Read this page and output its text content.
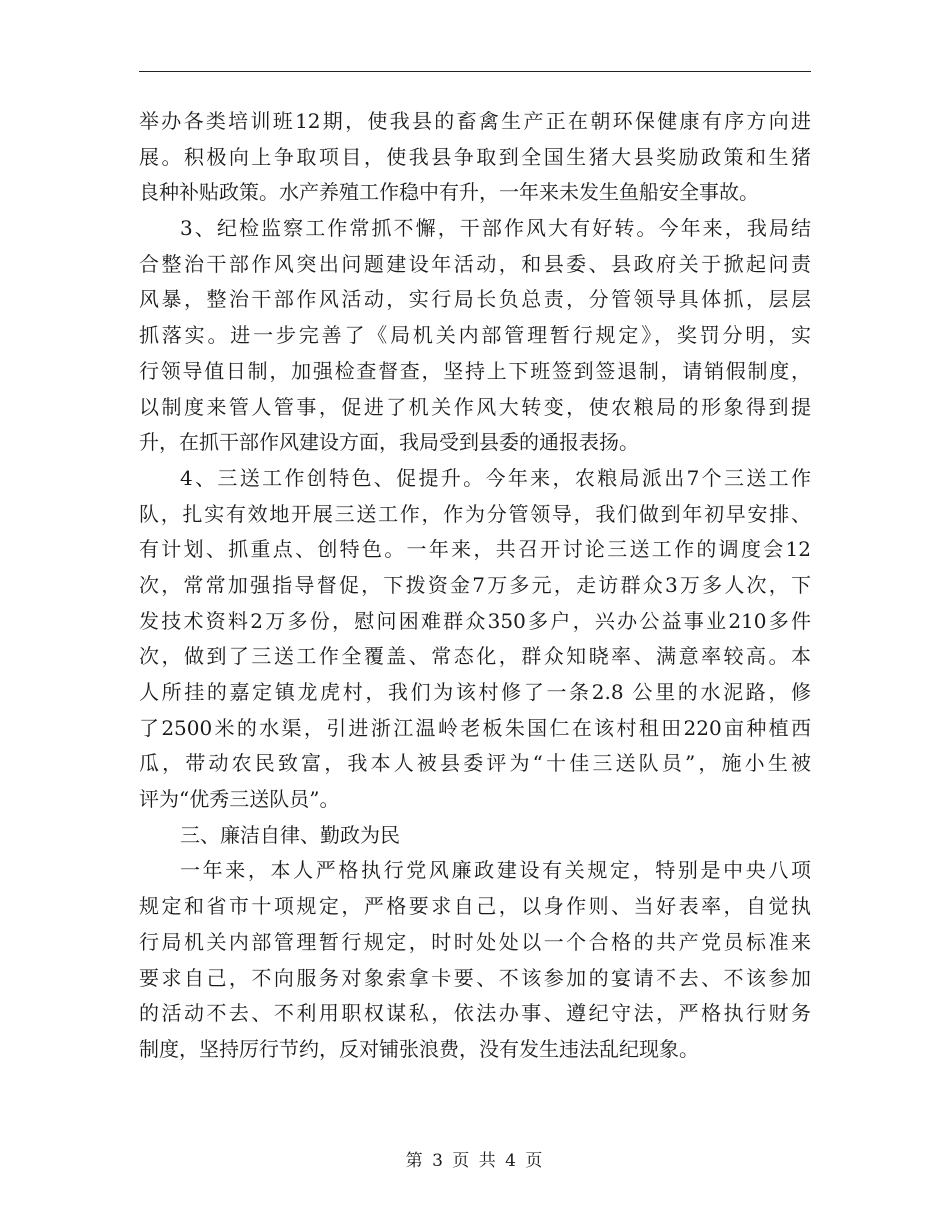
举办各类培训班12期，使我县的畜禽生产正在朝环保健康有序方向进
展。积极向上争取项目，使我县争取到全国生猪大县奖励政策和生猪
良种补贴政策。水产养殖工作稳中有升，一年来未发生鱼船安全事故。
3、纪检监察工作常抓不懈，干部作风大有好转。今年来，我局结
合整治干部作风突出问题建设年活动，和县委、县政府关于掀起问责
风暴，整治干部作风活动，实行局长负总责，分管领导具体抓，层层
抓落实。进一步完善了《局机关内部管理暂行规定》，奖罚分明，实
行领导值日制，加强检查督查，坚持上下班签到签退制，请销假制度，
以制度来管人管事，促进了机关作风大转变，使农粮局的形象得到提
升，在抓干部作风建设方面，我局受到县委的通报表扬。
4、三送工作创特色、促提升。今年来，农粮局派出7个三送工作
队，扎实有效地开展三送工作，作为分管领导，我们做到年初早安排、
有计划、抓重点、创特色。一年来，共召开讨论三送工作的调度会12
次，常常加强指导督促，下拨资金7万多元，走访群众3万多人次，下
发技术资料2万多份，慰问困难群众350多户，兴办公益事业210多件
次，做到了三送工作全覆盖、常态化，群众知晓率、满意率较高。本
人所挂的嘉定镇龙虎村，我们为该村修了一条2.8 公里的水泥路，修
了2500米的水渠，引进浙江温岭老板朱国仁在该村租田220亩种植西
瓜，带动农民致富，我本人被县委评为“十佳三送队员”，施小生被
评为“优秀三送队员”。
三、廉洁自律、勤政为民
一年来，本人严格执行党风廉政建设有关规定，特别是中央八项
规定和省市十项规定，严格要求自己，以身作则、当好表率，自觉执
行局机关内部管理暂行规定，时时处处以一个合格的共产党员标准来
要求自己，不向服务对象索拿卡要、不该参加的宴请不去、不该参加
的活动不去、不利用职权谋私，依法办事、遵纪守法，严格执行财务
制度，坚持厉行节约，反对铺张浪费，没有发生违法乱纪现象。
第 3 页 共 4 页
